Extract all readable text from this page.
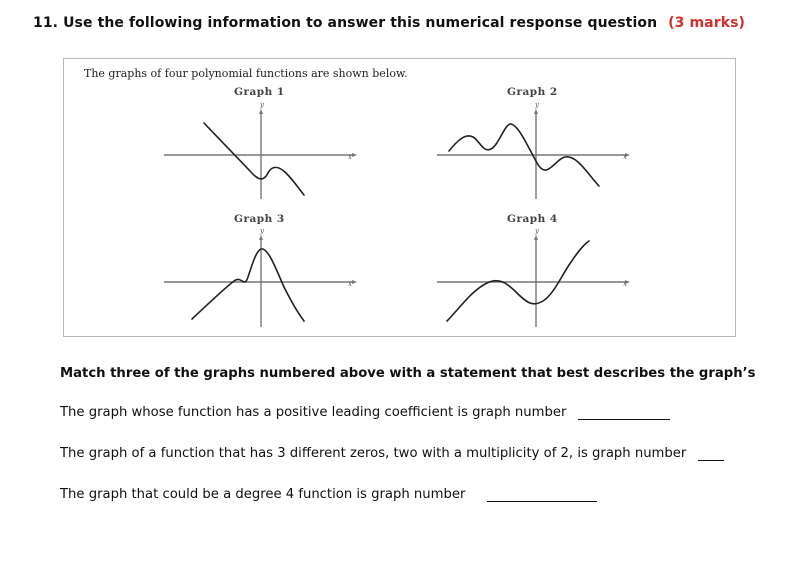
11. Use the following information to answer this numerical response question (3 marks)
The graphs of four polynomial functions are shown below.
Graph 1
y
x
Graph 2
y
x
Graph 3
y
x
Graph 4
y
x
Match three of the graphs numbered above with a statement that best describes the graph’s
The graph whose function has a positive leading coefficient is graph number
The graph of a function that has 3 different zeros, two with a multiplicity of 2, is graph number
The graph that could be a degree 4 function is graph number
